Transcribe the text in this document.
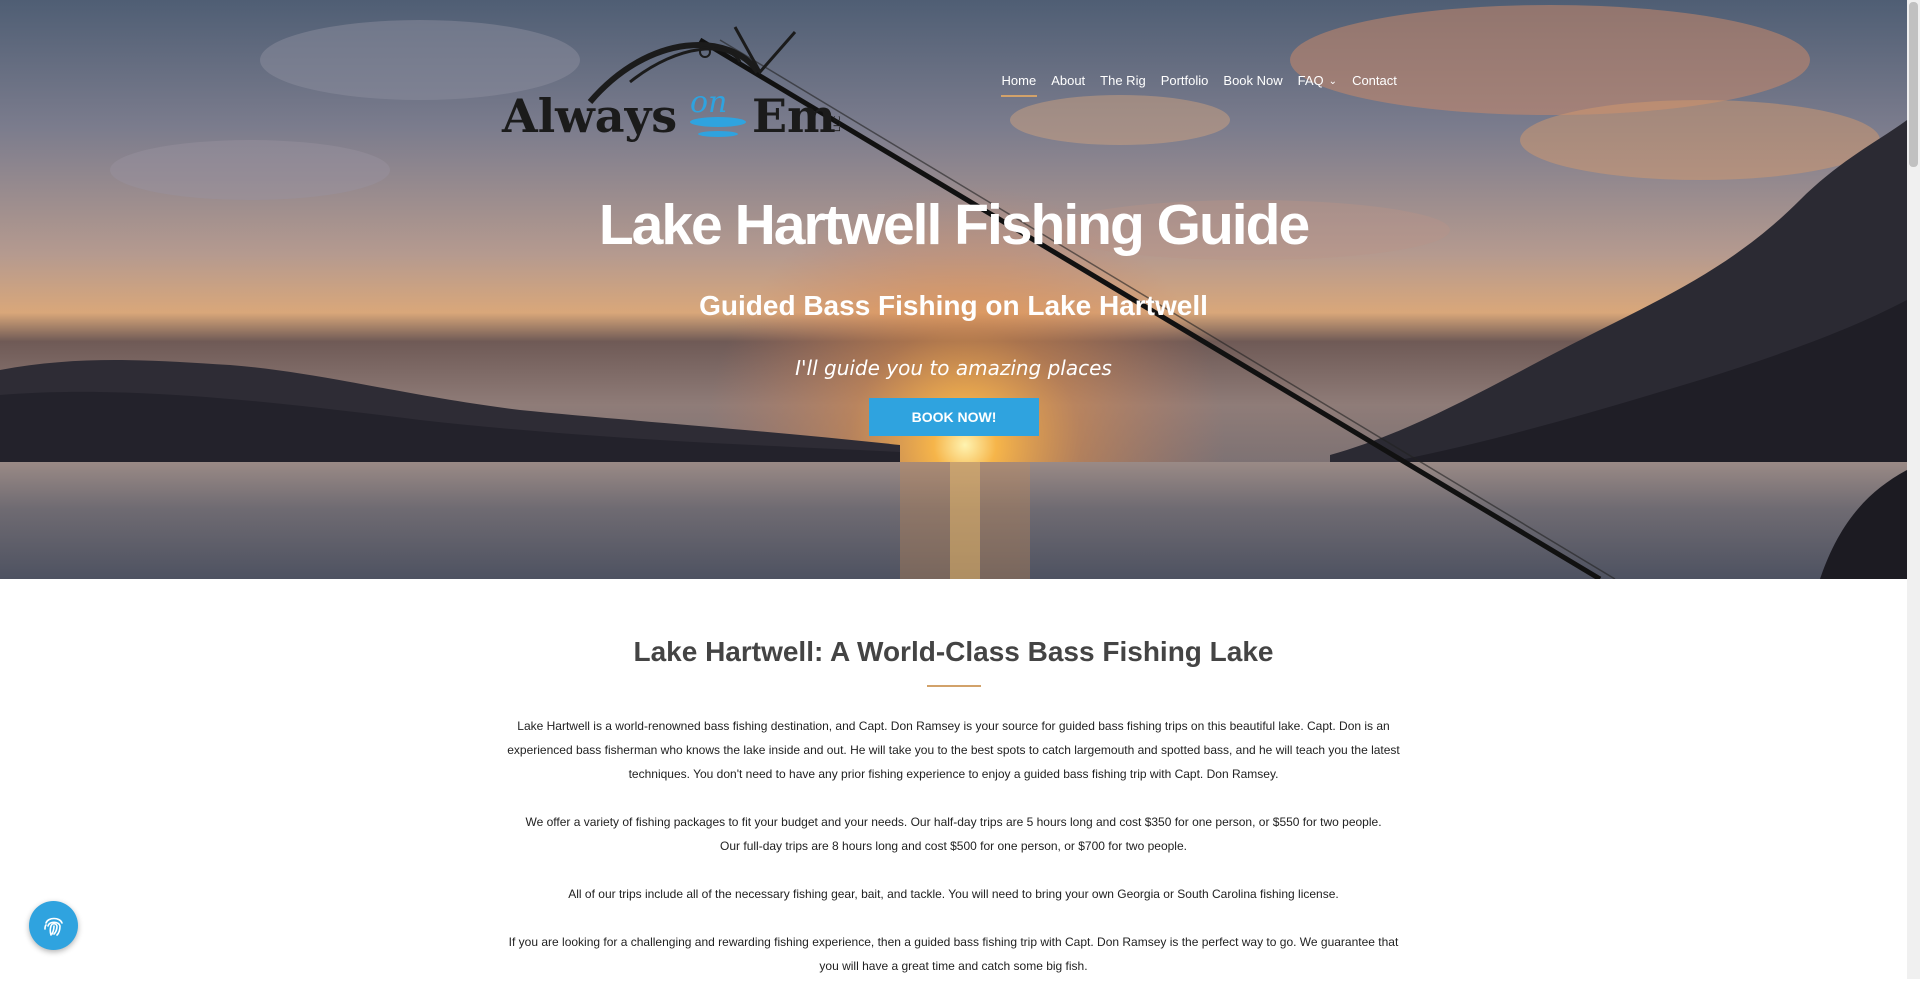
Always on Em
LLC
Home About The Rig Portfolio Book Now FAQ ⌄ Contact
Lake Hartwell Fishing Guide
Guided Bass Fishing on Lake Hartwell

I'll guide you to amazing places

BOOK NOW!
Lake Hartwell: A World-Class Bass Fishing Lake

Lake Hartwell is a world-renowned bass fishing destination, and Capt. Don Ramsey is your source for guided bass fishing trips on this beautiful lake. Capt. Don is an
experienced bass fisherman who knows the lake inside and out. He will take you to the best spots to catch largemouth and spotted bass, and he will teach you the latest
techniques. You don't need to have any prior fishing experience to enjoy a guided bass fishing trip with Capt. Don Ramsey.

We offer a variety of fishing packages to fit your budget and your needs. Our half-day trips are 5 hours long and cost $350 for one person, or $550 for two people.
Our full-day trips are 8 hours long and cost $500 for one person, or $700 for two people.

All of our trips include all of the necessary fishing gear, bait, and tackle. You will need to bring your own Georgia or South Carolina fishing license.

If you are looking for a challenging and rewarding fishing experience, then a guided bass fishing trip with Capt. Don Ramsey is the perfect way to go. We guarantee that
you will have a great time and catch some big fish.
